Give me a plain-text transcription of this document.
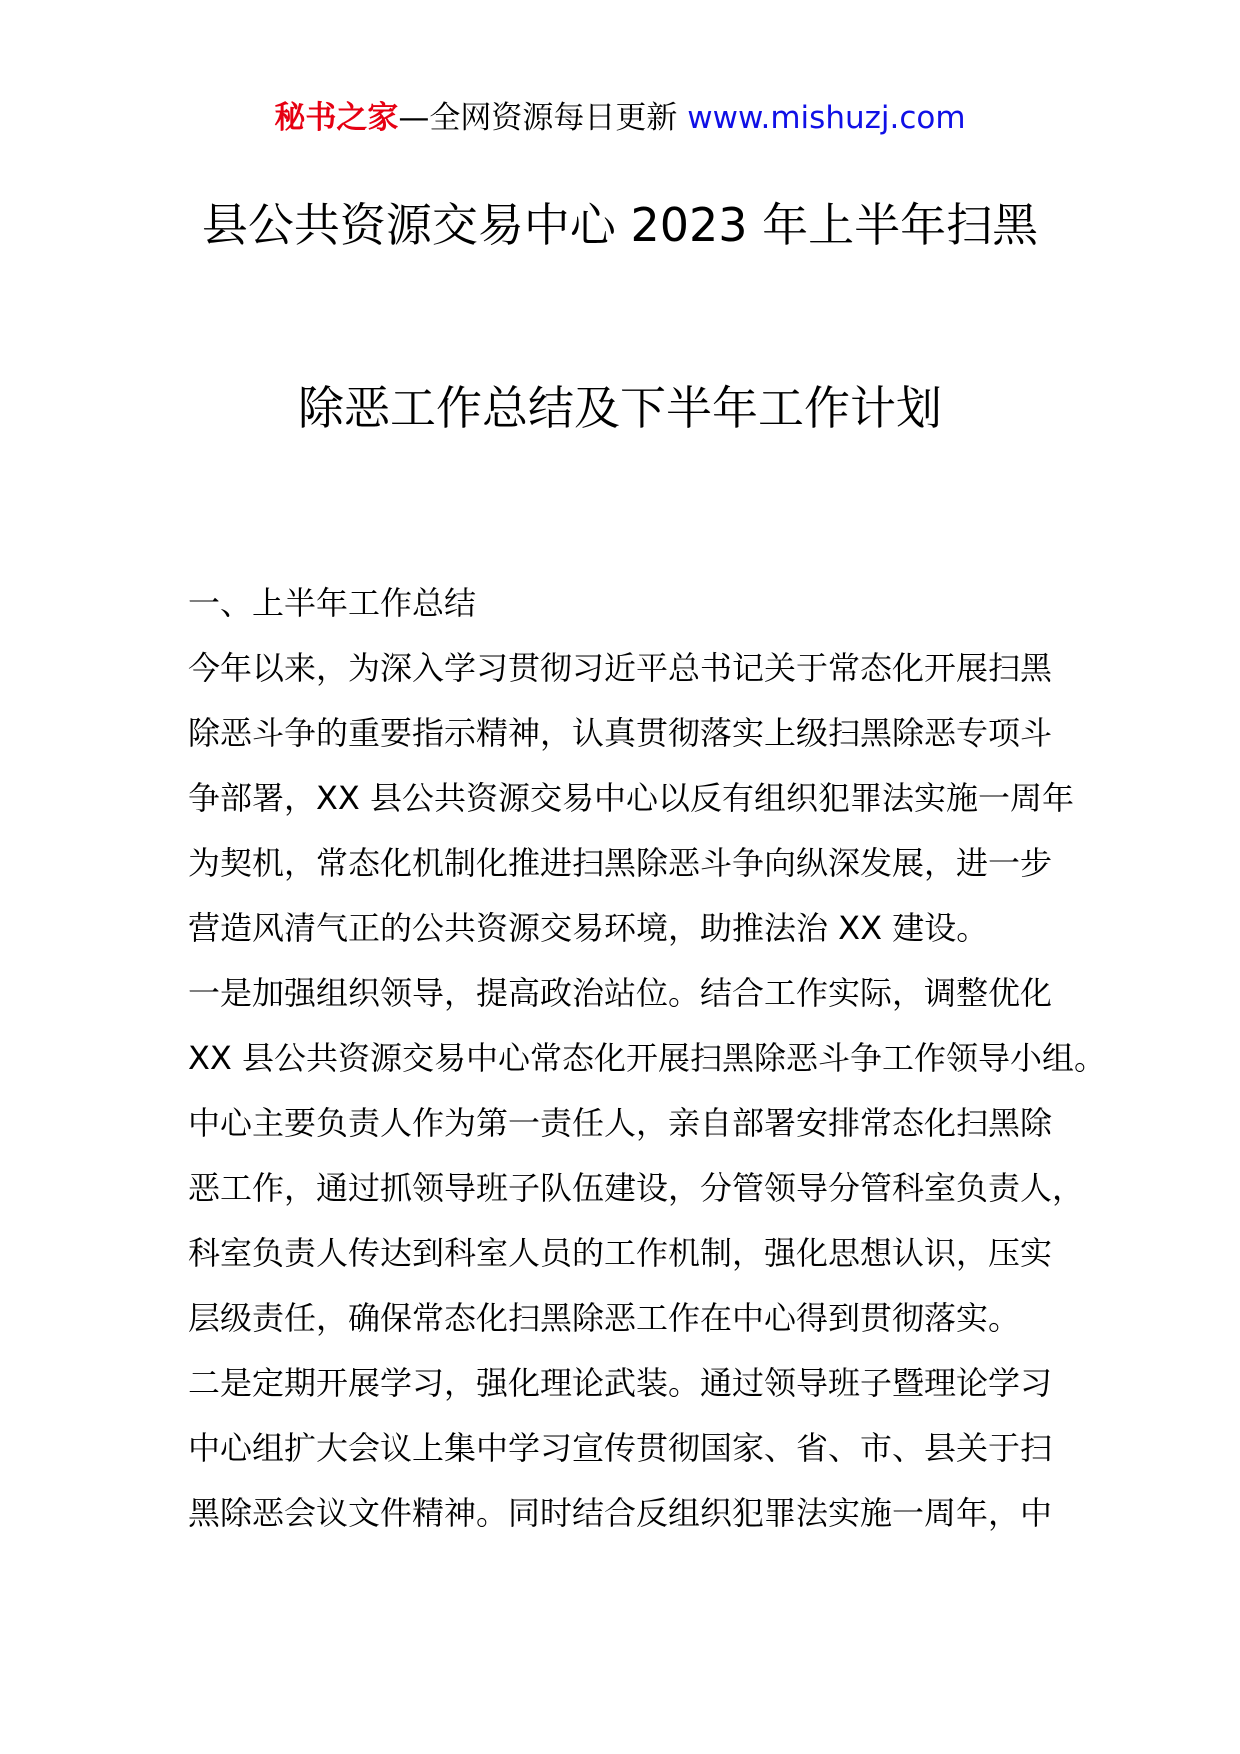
秘书之家—全网资源每日更新 www.mishuzj.com
县公共资源交易中心 2023 年上半年扫黑
除恶工作总结及下半年工作计划
一、上半年工作总结
今年以来，为深入学习贯彻习近平总书记关于常态化开展扫黑
除恶斗争的重要指示精神，认真贯彻落实上级扫黑除恶专项斗
争部署，XX 县公共资源交易中心以反有组织犯罪法实施一周年
为契机，常态化机制化推进扫黑除恶斗争向纵深发展，进一步
营造风清气正的公共资源交易环境，助推法治 XX 建设。
一是加强组织领导，提高政治站位。结合工作实际，调整优化
XX 县公共资源交易中心常态化开展扫黑除恶斗争工作领导小组。
中心主要负责人作为第一责任人，亲自部署安排常态化扫黑除
恶工作，通过抓领导班子队伍建设，分管领导分管科室负责人，
科室负责人传达到科室人员的工作机制，强化思想认识，压实
层级责任，确保常态化扫黑除恶工作在中心得到贯彻落实。
二是定期开展学习，强化理论武装。通过领导班子暨理论学习
中心组扩大会议上集中学习宣传贯彻国家、省、市、县关于扫
黑除恶会议文件精神。同时结合反组织犯罪法实施一周年，中
